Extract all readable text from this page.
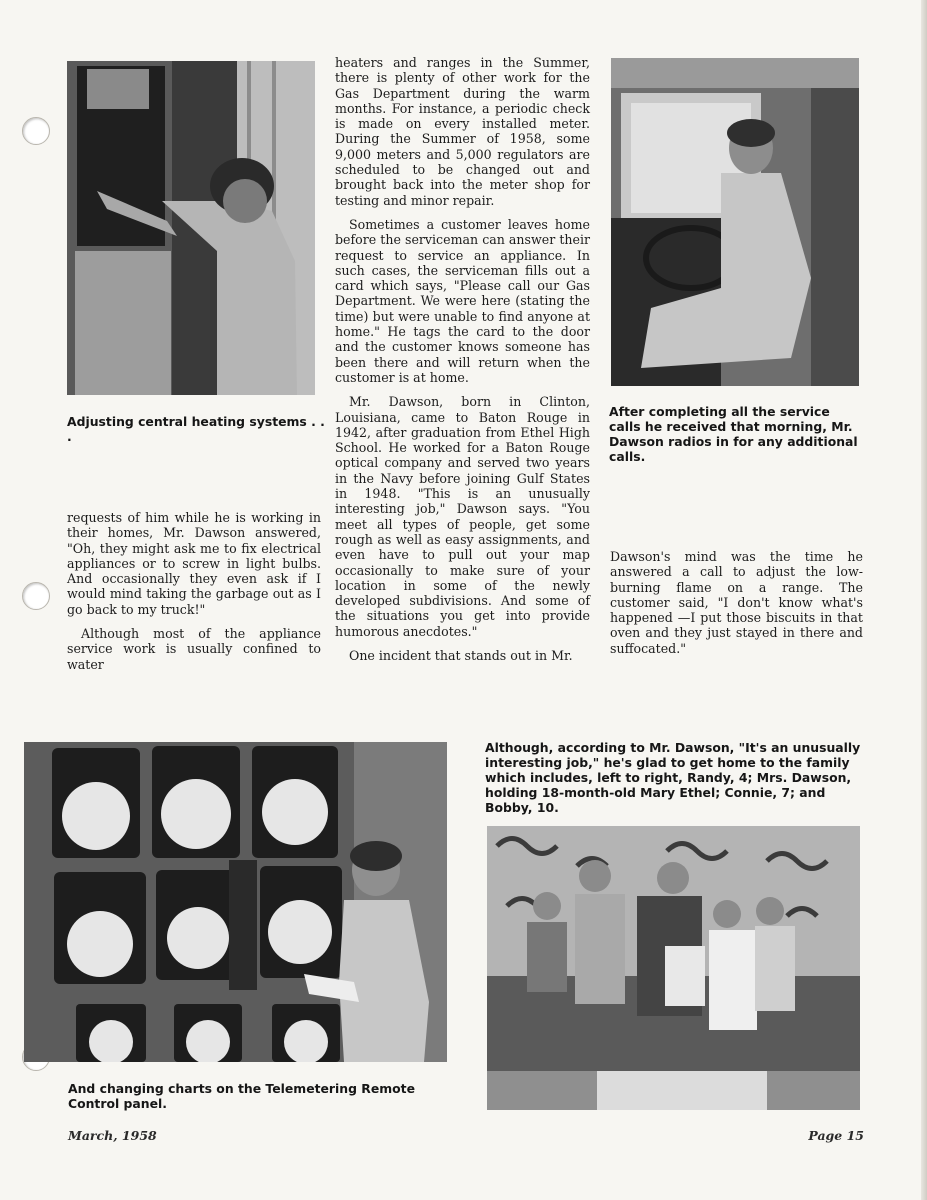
Adjusting central heating systems . . .

requests of him while he is working in their homes, Mr. Dawson answered, "Oh, they might ask me to fix electrical appliances or to screw in light bulbs. And occasionally they even ask if I would mind taking the garbage out as I go back to my truck!"

Although most of the appliance service work is usually confined to water

heaters and ranges in the Summer, there is plenty of other work for the Gas Department during the warm months. For instance, a periodic check is made on every installed meter. During the Summer of 1958, some 9,000 meters and 5,000 regulators are scheduled to be changed out and brought back into the meter shop for testing and minor repair.

Sometimes a customer leaves home before the serviceman can answer their request to service an appliance. In such cases, the serviceman fills out a card which says, "Please call our Gas Department. We were here (stating the time) but were unable to find anyone at home." He tags the card to the door and the customer knows someone has been there and will return when the customer is at home.

Mr. Dawson, born in Clinton, Louisiana, came to Baton Rouge in 1942, after graduation from Ethel High School. He worked for a Baton Rouge optical company and served two years in the Navy before joining Gulf States in 1948. "This is an unusually interesting job," Dawson says. "You meet all types of people, get some rough as well as easy assignments, and even have to pull out your map occasionally to make sure of your location in some of the newly developed subdivisions. And some of the situations you get into provide humorous anecdotes."

One incident that stands out in Mr.

After completing all the service calls he received that morning, Mr. Dawson radios in for any additional calls.

Dawson's mind was the time he answered a call to adjust the low-burning flame on a range. The customer said, "I don't know what's happened —I put those biscuits in that oven and they just stayed in there and suffocated."

And changing charts on the Telemetering Remote Control panel.

Although, according to Mr. Dawson, "It's an unusually interesting job," he's glad to get home to the family which includes, left to right, Randy, 4; Mrs. Dawson, holding 18-month-old Mary Ethel; Connie, 7; and Bobby, 10.

March, 1958	Page 15
